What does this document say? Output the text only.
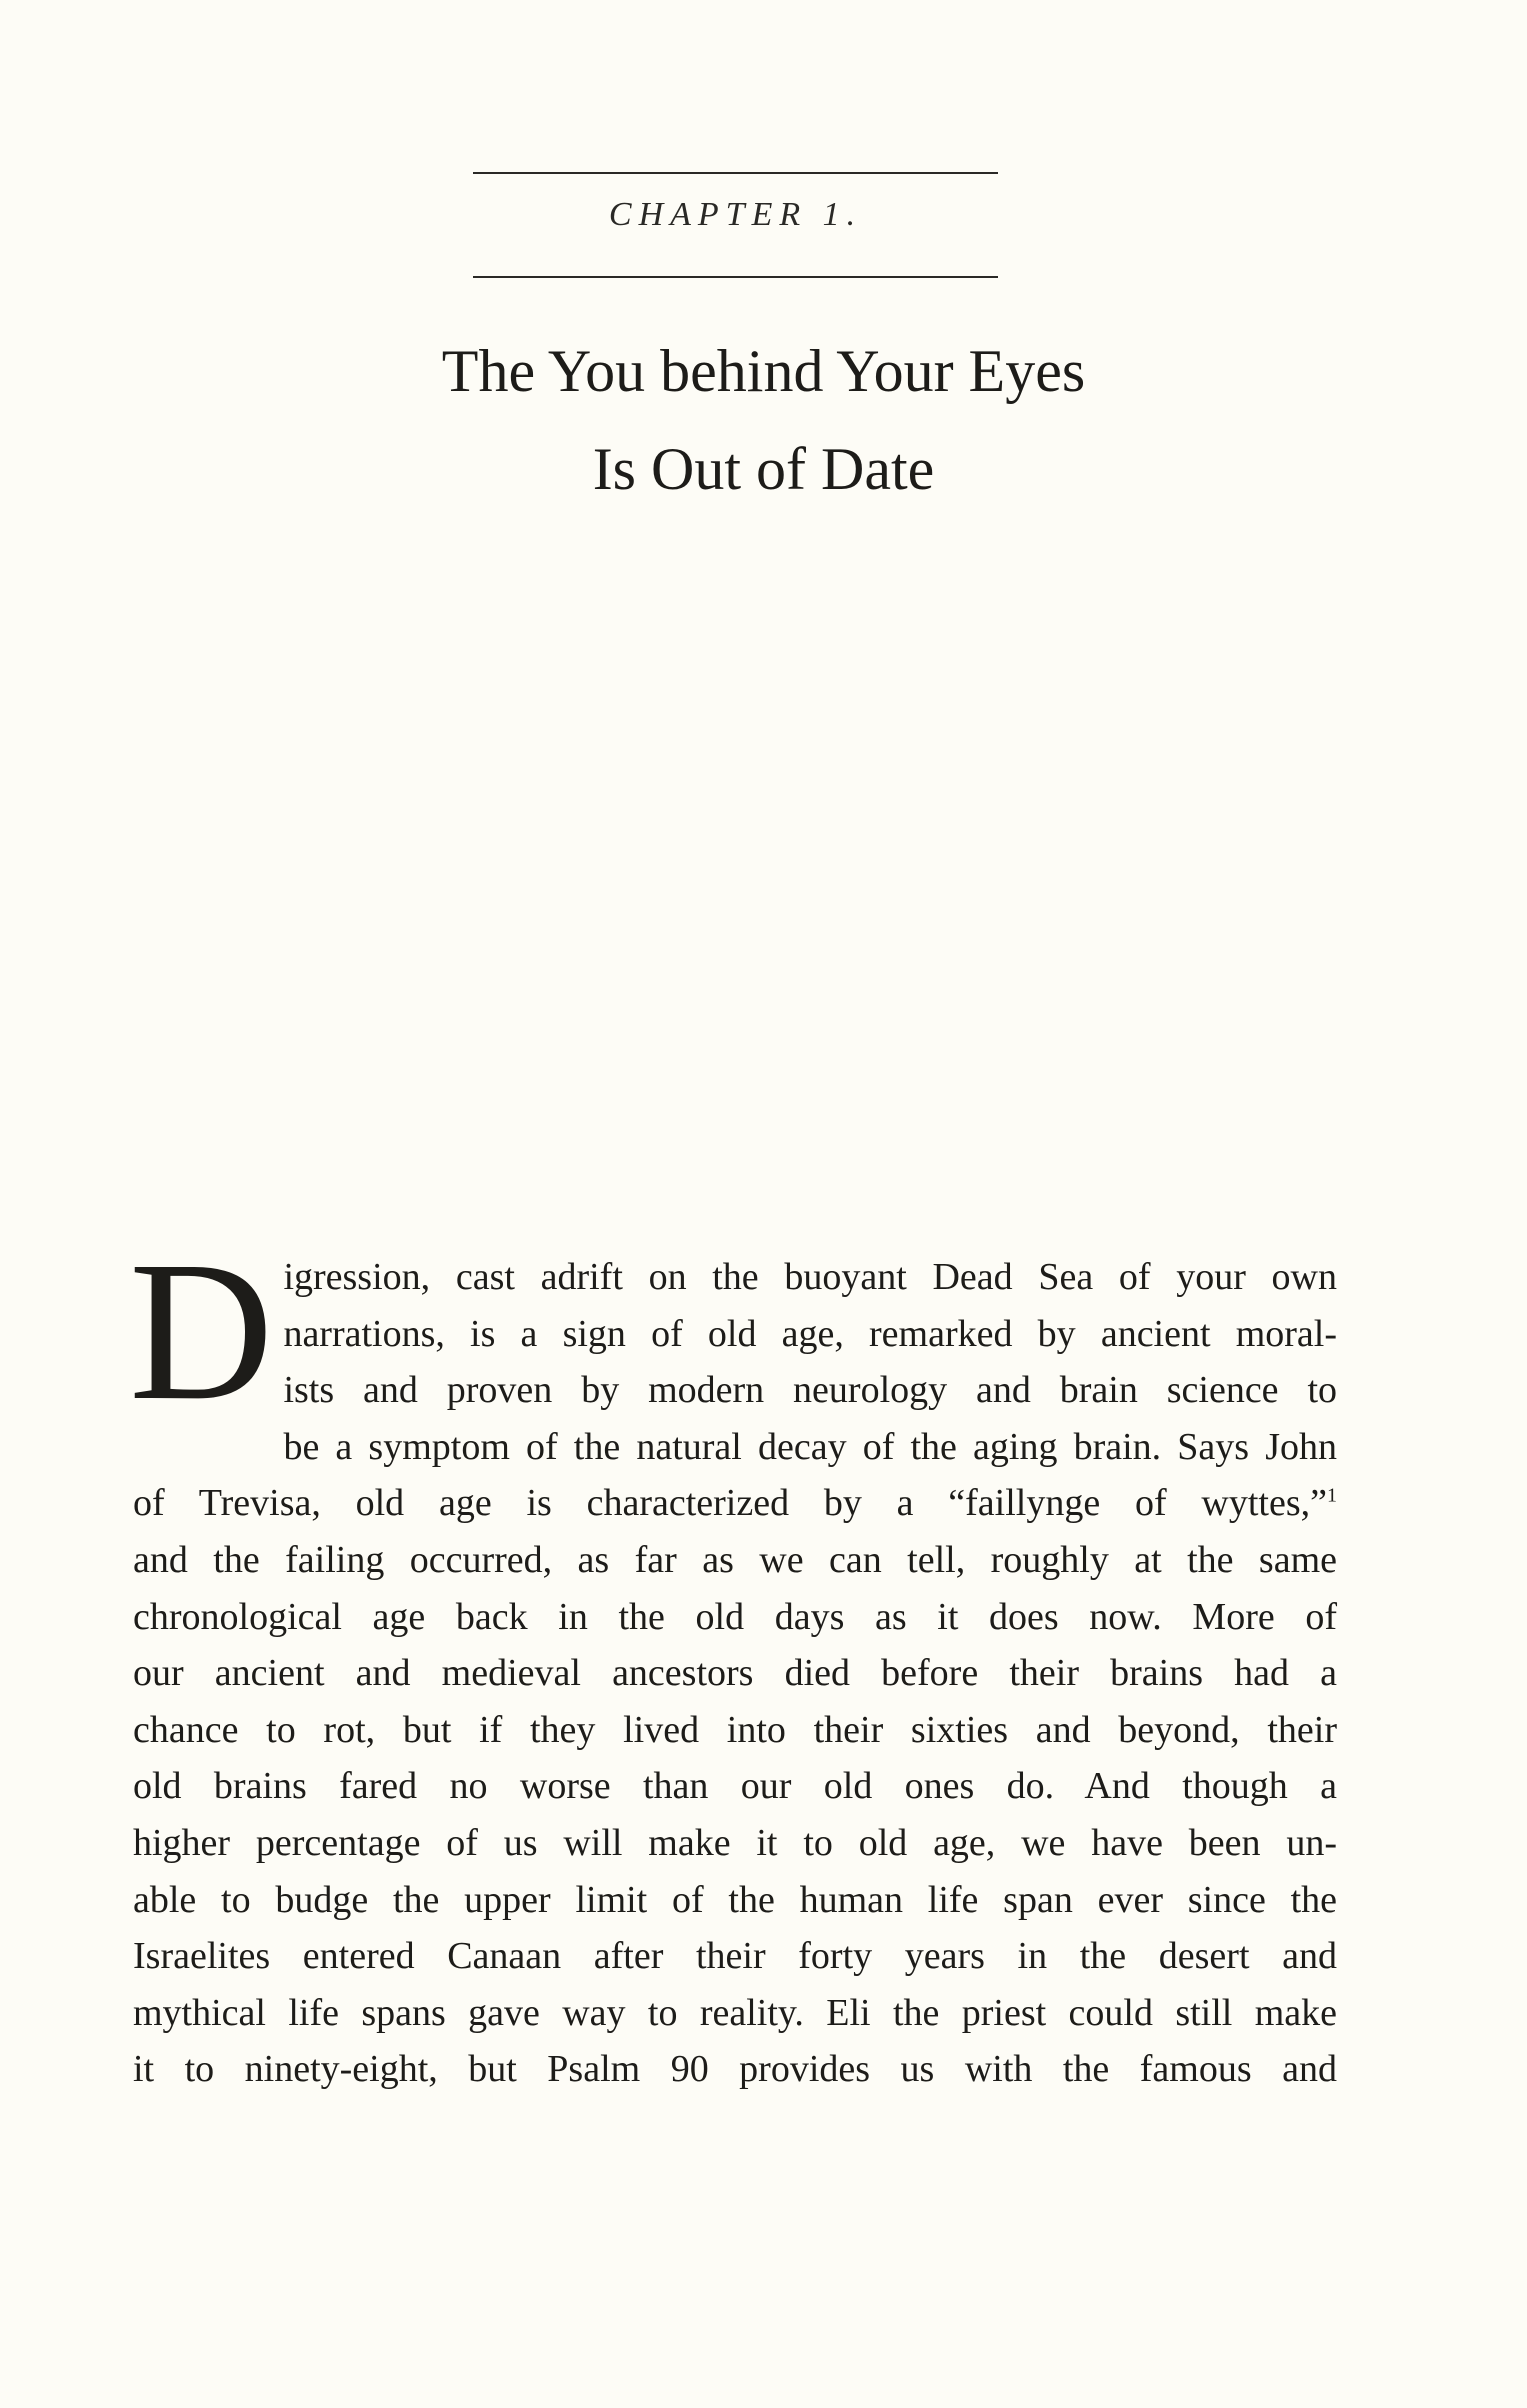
CHAPTER 1.
The You behind Your Eyes
Is Out of Date
D igression, cast adrift on the buoyant Dead Sea of your own
narrations, is a sign of old age, remarked by ancient moral-
ists and proven by modern neurology and brain science to
be a symptom of the natural decay of the aging brain. Says John
of Trevisa, old age is characterized by a “faillynge of wyttes,”$^1$
and the failing occurred, as far as we can tell, roughly at the same
chronological age back in the old days as it does now. More of
our ancient and medieval ancestors died before their brains had a
chance to rot, but if they lived into their sixties and beyond, their
old brains fared no worse than our old ones do. And though a
higher percentage of us will make it to old age, we have been un-
able to budge the upper limit of the human life span ever since the
Israelites entered Canaan after their forty years in the desert and
mythical life spans gave way to reality. Eli the priest could still make
it to ninety-eight, but Psalm 90 provides us with the famous and
